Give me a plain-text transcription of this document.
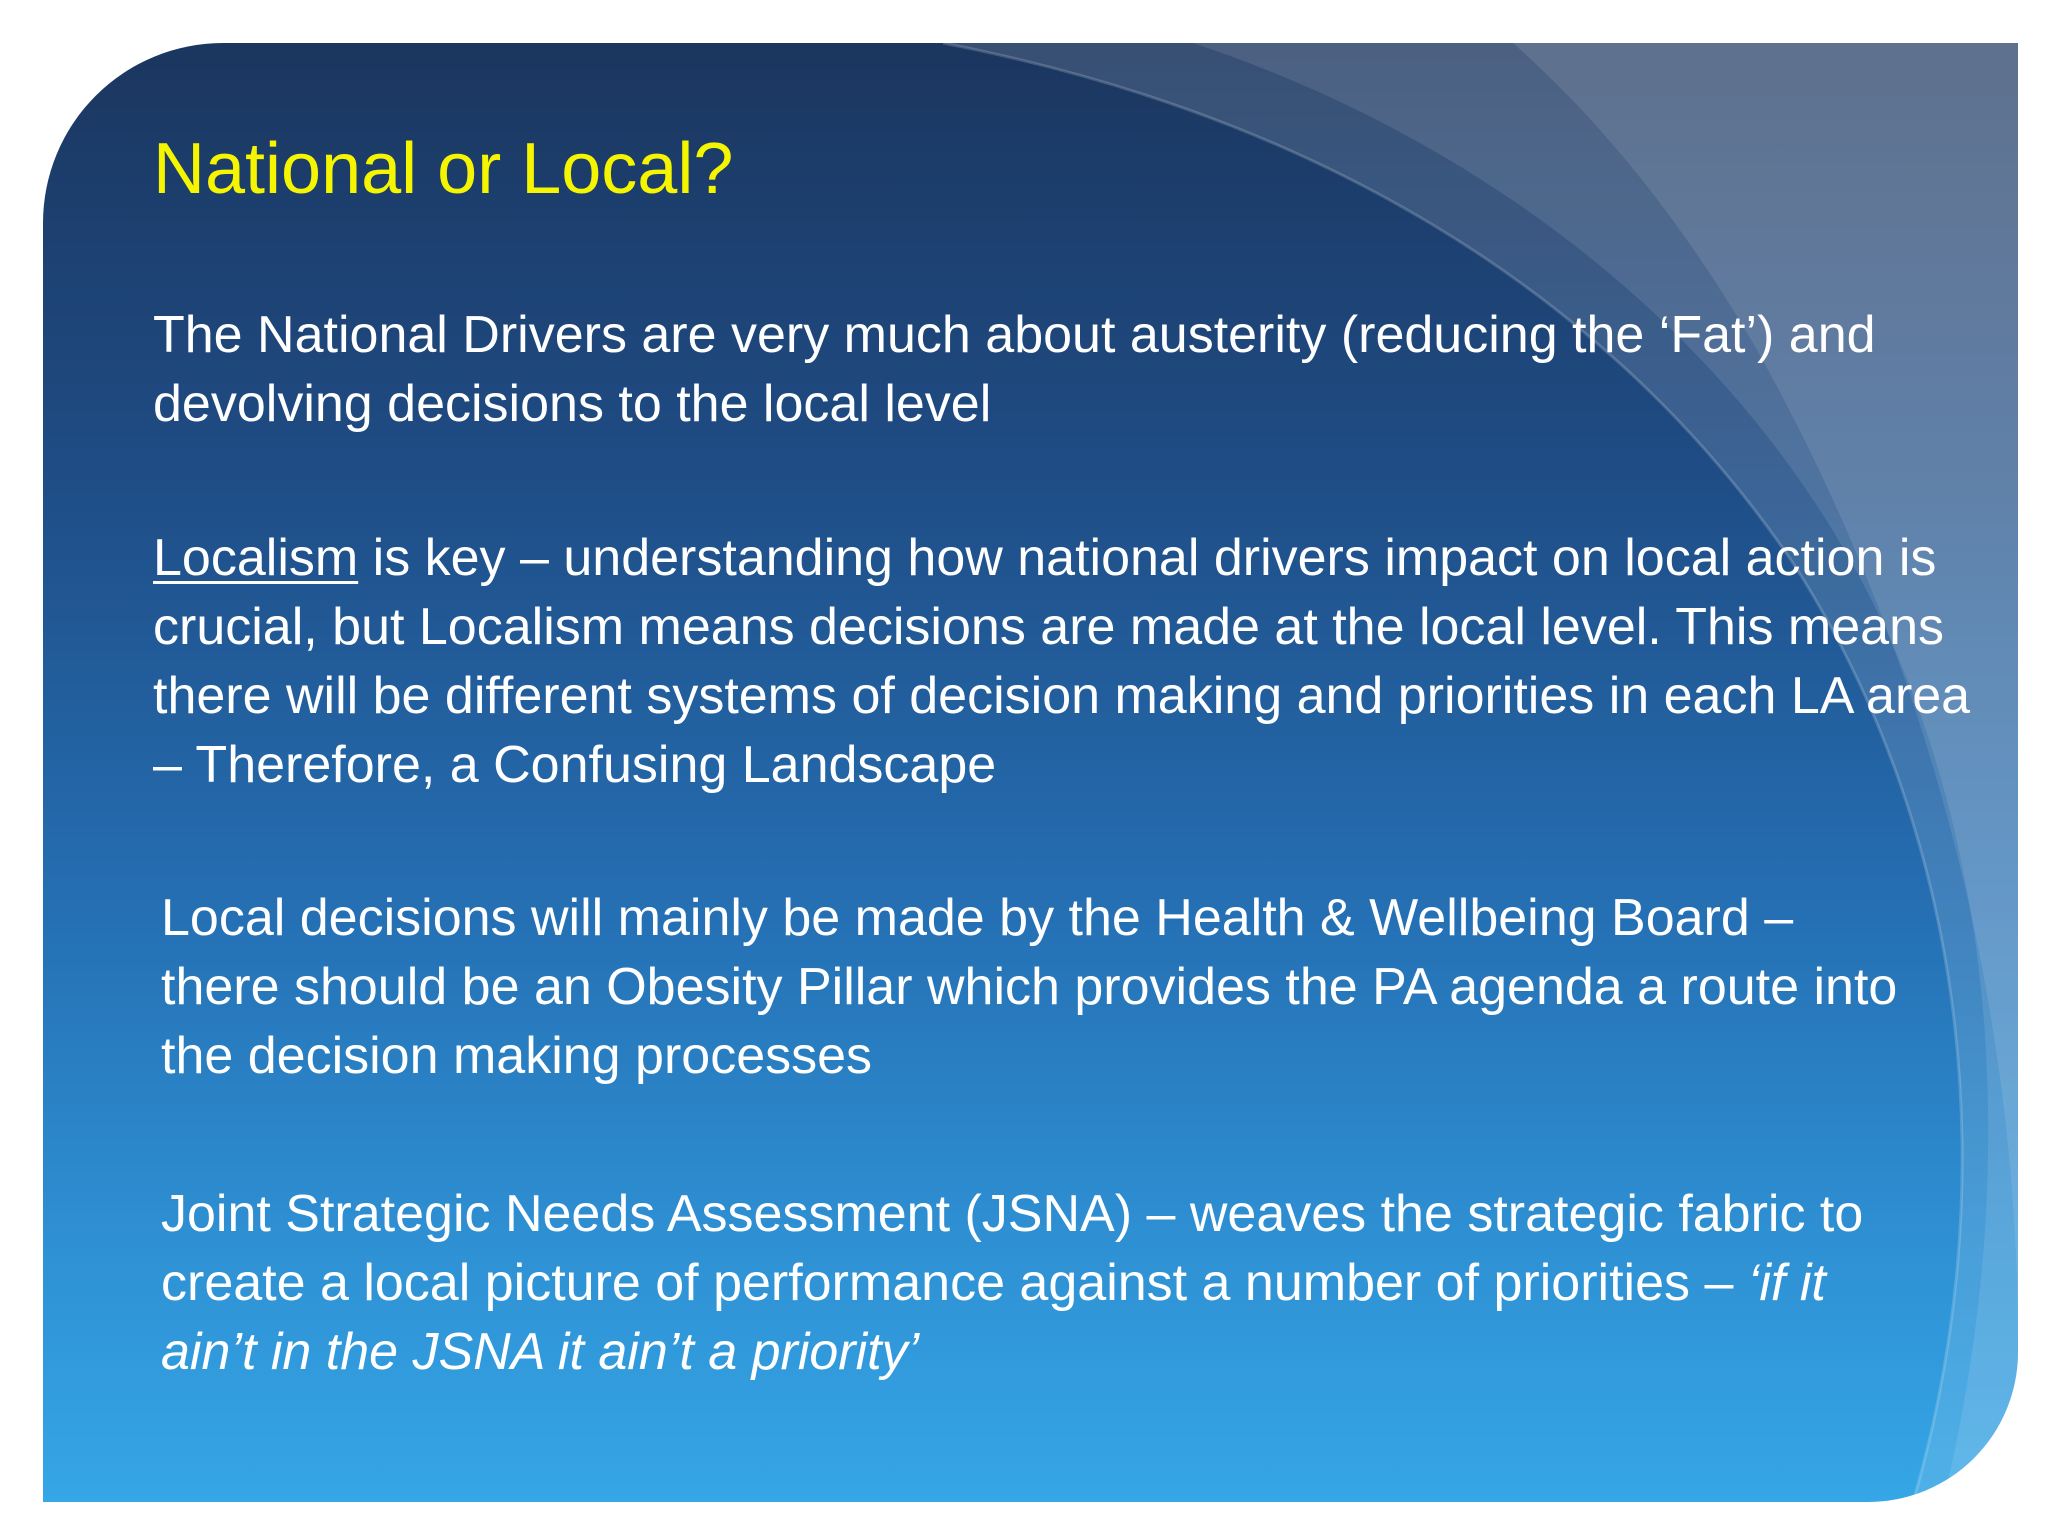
National or Local?

The National Drivers are very much about austerity (reducing the ‘Fat’) and devolving decisions to the local level

Localism is key – understanding how national drivers impact on local action is crucial, but Localism means decisions are made at the local level. This means there will be different systems of decision making and priorities in each LA area – Therefore, a Confusing Landscape

Local decisions will mainly be made by the Health & Wellbeing Board – there should be an Obesity Pillar which provides the PA agenda a route into the decision making processes

Joint Strategic Needs Assessment (JSNA) – weaves the strategic fabric to create a local picture of performance against a number of priorities – ‘if it ain’t in the JSNA it ain’t a priority’
